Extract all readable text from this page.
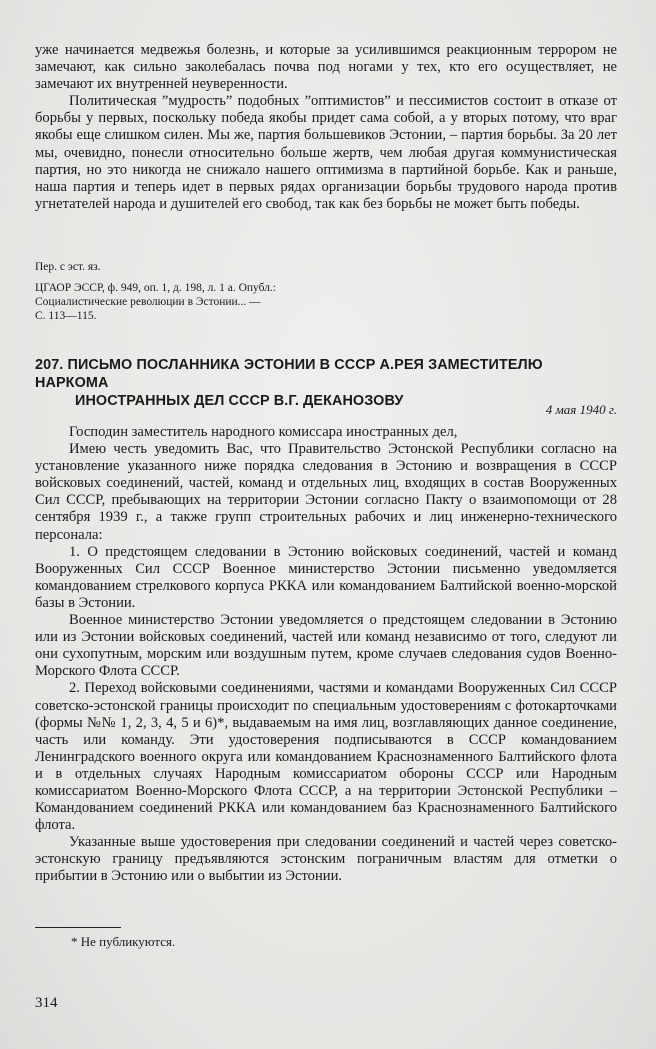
уже начинается медвежья болезнь, и которые за усилившимся реакционным террором не замечают, как сильно заколебалась почва под ногами у тех, кто его осуществляет, не замечают их внутренней неуверенности.

Политическая ”мудрость” подобных ”оптимистов” и пессимистов состоит в отказе от борьбы у первых, поскольку победа якобы придет сама собой, а у вторых потому, что враг якобы еще слишком силен. Мы же, партия большевиков Эстонии, – партия борьбы. За 20 лет мы, очевидно, понесли относительно больше жертв, чем любая другая коммунистическая партия, но это никогда не снижало нашего оптимизма в партийной борьбе. Как и раньше, наша партия и теперь идет в первых рядах организации борьбы трудового народа против угнетателей народа и душителей его свобод, так как без борьбы не может быть победы.

Пер. с эст. яз.

ЦГАОР ЭССР, ф. 949, оп. 1, д. 198, л. 1 а. Опубл.:

Социалистические революции в Эстонии... —

С. 113—115.

207. ПИСЬМО ПОСЛАННИКА ЭСТОНИИ В СССР А.РЕЯ ЗАМЕСТИТЕЛЮ НАРКОМА
ИНОСТРАННЫХ ДЕЛ СССР В.Г. ДЕКАНОЗОВУ
4 мая 1940 г.

Господин заместитель народного комиссара иностранных дел,

Имею честь уведомить Вас, что Правительство Эстонской Республики согласно на установление указанного ниже порядка следования в Эстонию и возвращения в СССР войсковых соединений, частей, команд и отдельных лиц, входящих в состав Вооруженных Сил СССР, пребывающих на территории Эстонии согласно Пакту о взаимопомощи от 28 сентября 1939 г., а также групп строительных рабочих и лиц инженерно-технического персонала:

1. О предстоящем следовании в Эстонию войсковых соединений, частей и команд Вооруженных Сил СССР Военное министерство Эстонии письменно уведомляется командованием стрелкового корпуса РККА или командованием Балтийской военно-морской базы в Эстонии.

Военное министерство Эстонии уведомляется о предстоящем следовании в Эстонию или из Эстонии войсковых соединений, частей или команд независимо от того, следуют ли они сухопутным, морским или воздушным путем, кроме случаев следования судов Военно-Морского Флота СССР.

2. Переход войсковыми соединениями, частями и командами Вооруженных Сил СССР советско-эстонской границы происходит по специальным удостоверениям с фотокарточками (формы №№ 1, 2, 3, 4, 5 и 6)*, выдаваемым на имя лиц, возглавляющих данное соединение, часть или команду. Эти удостоверения подписываются в СССР командованием Ленинградского военного округа или командованием Краснознаменного Балтийского флота и в отдельных случаях Народным комиссариатом обороны СССР или Народным комиссариатом Военно-Морского Флота СССР, а на территории Эстонской Республики – Командованием соединений РККА или командованием баз Краснознаменного Балтийского флота.

Указанные выше удостоверения при следовании соединений и частей через советско-эстонскую границу предъявляются эстонским пограничным властям для отметки о прибытии в Эстонию или о выбытии из Эстонии.

* Не публикуются.

314
